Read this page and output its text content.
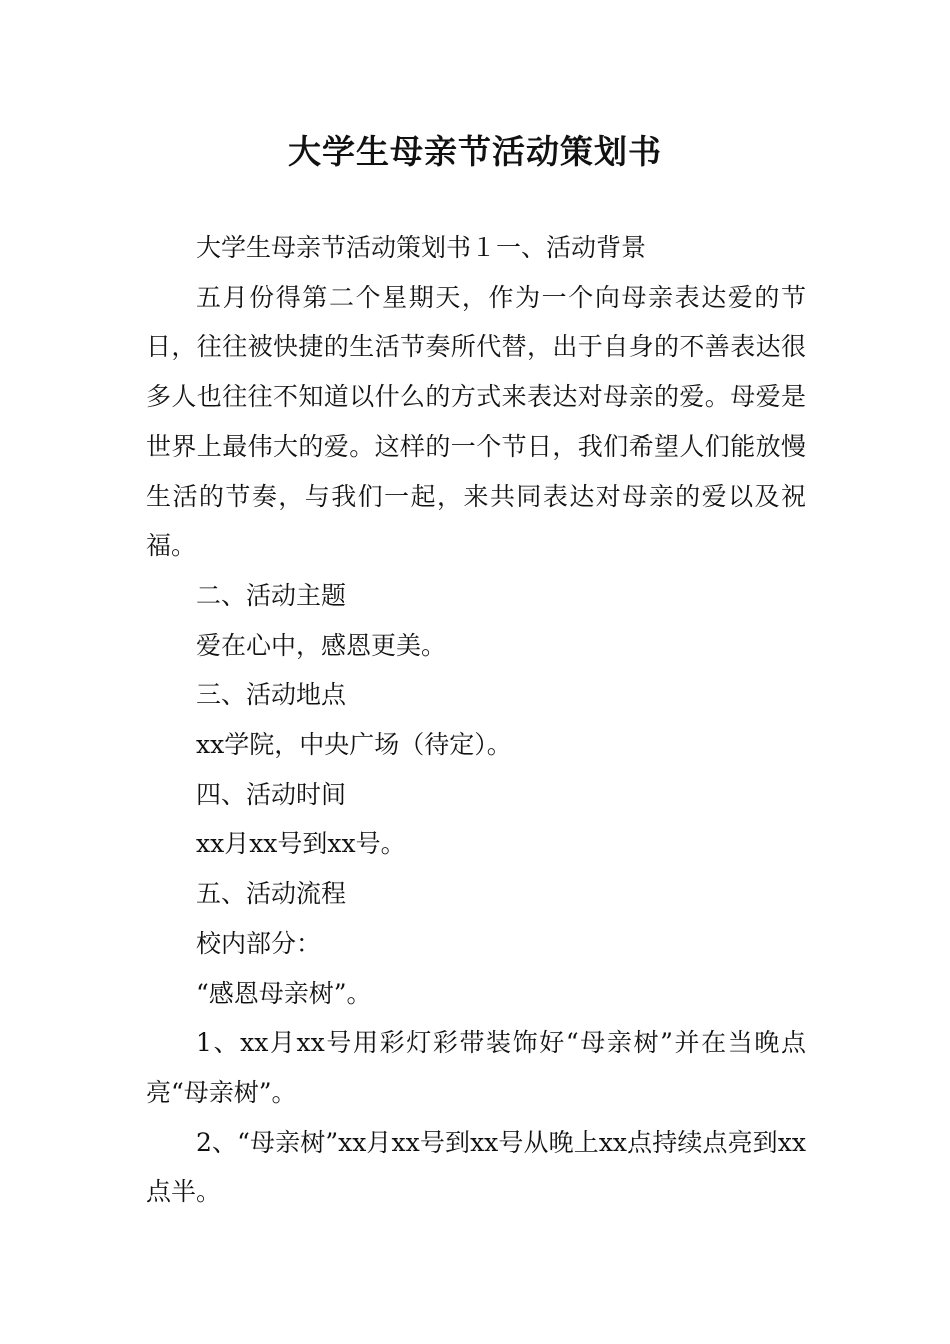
大学生母亲节活动策划书

大学生母亲节活动策划书１一、活动背景

五月份得第二个星期天，作为一个向母亲表达爱的节日，往往被快捷的生活节奏所代替，出于自身的不善表达很多人也往往不知道以什么的方式来表达对母亲的爱。母爱是世界上最伟大的爱。这样的一个节日，我们希望人们能放慢生活的节奏，与我们一起，来共同表达对母亲的爱以及祝福。

二、活动主题

爱在心中，感恩更美。

三、活动地点

xx学院，中央广场（待定）。

四、活动时间

xx月xx号到xx号。

五、活动流程

校内部分：

“感恩母亲树”。

1、xx月xx号用彩灯彩带装饰好“母亲树”并在当晚点亮“母亲树”。

2、“母亲树”xx月xx号到xx号从晚上xx点持续点亮到xx点半。
